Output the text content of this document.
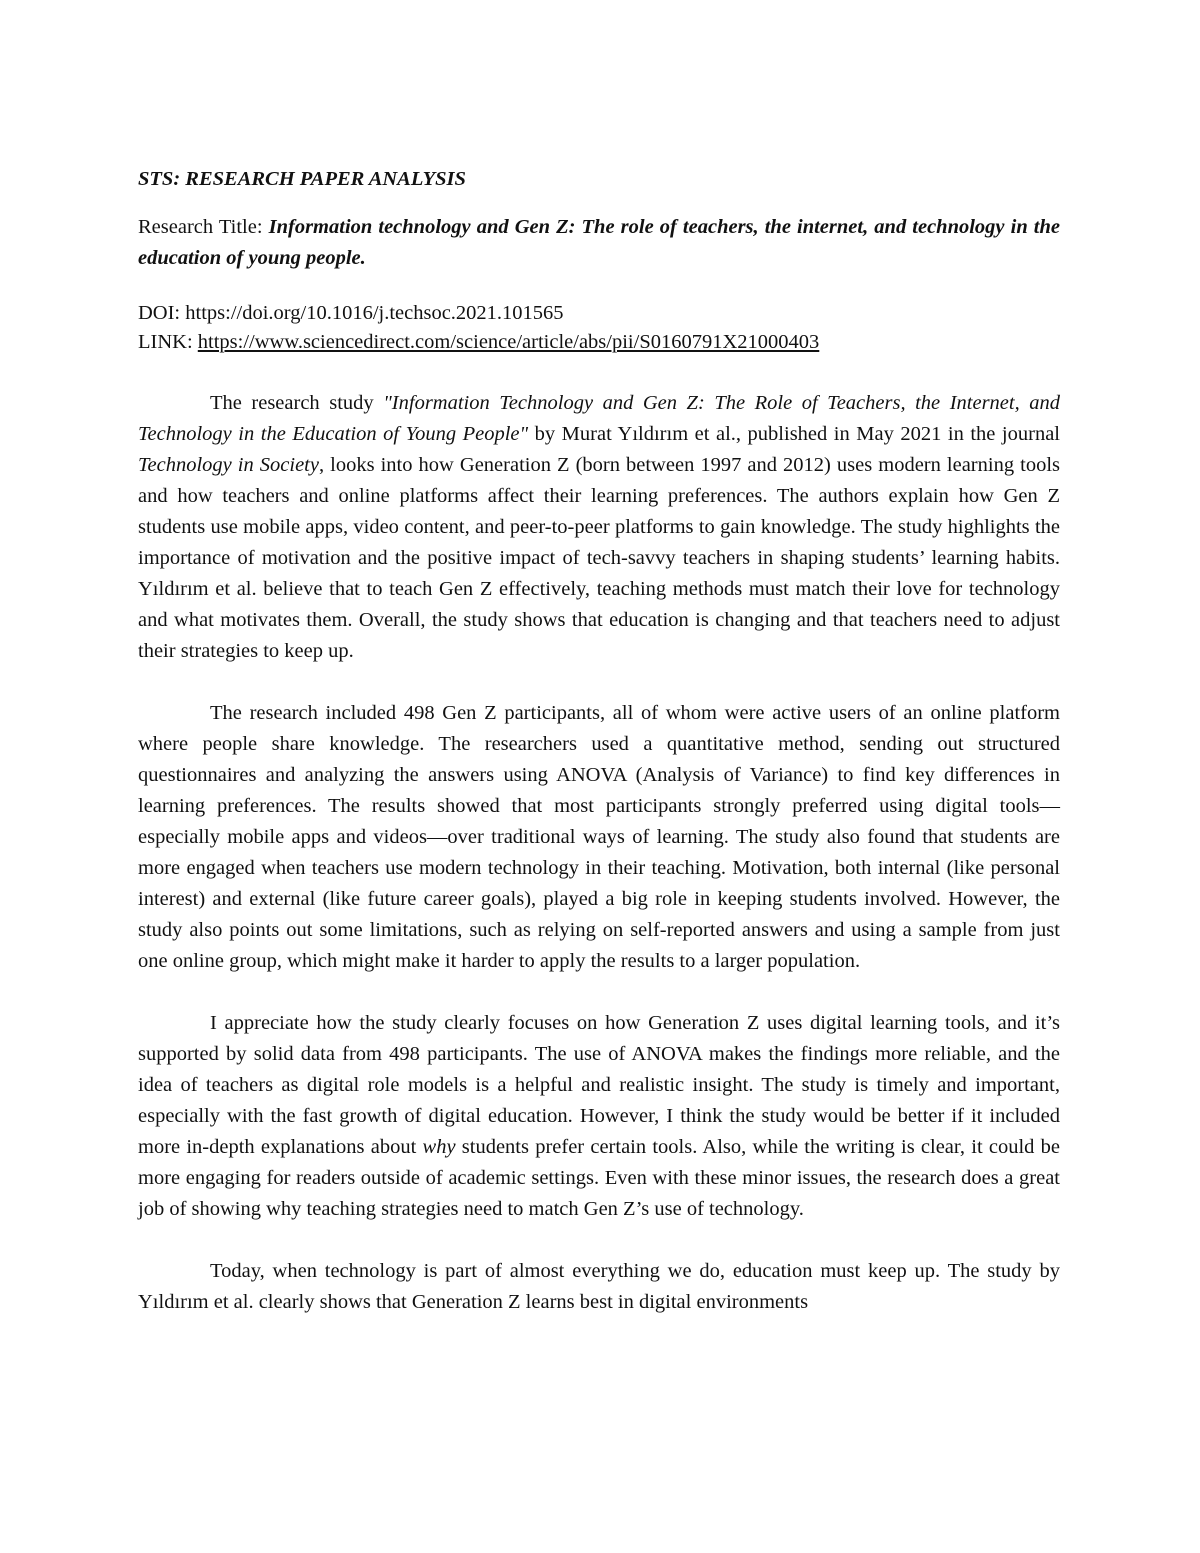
STS: RESEARCH PAPER ANALYSIS

Research Title: Information technology and Gen Z: The role of teachers, the internet, and technology in the education of young people.

DOI: https://doi.org/10.1016/j.techsoc.2021.101565
LINK: https://www.sciencedirect.com/science/article/abs/pii/S0160791X21000403

The research study "Information Technology and Gen Z: The Role of Teachers, the Internet, and Technology in the Education of Young People" by Murat Yıldırım et al., published in May 2021 in the journal Technology in Society, looks into how Generation Z (born between 1997 and 2012) uses modern learning tools and how teachers and online platforms affect their learning preferences. The authors explain how Gen Z students use mobile apps, video content, and peer-to-peer platforms to gain knowledge. The study highlights the importance of motivation and the positive impact of tech-savvy teachers in shaping students’ learning habits. Yıldırım et al. believe that to teach Gen Z effectively, teaching methods must match their love for technology and what motivates them. Overall, the study shows that education is changing and that teachers need to adjust their strategies to keep up.

The research included 498 Gen Z participants, all of whom were active users of an online platform where people share knowledge. The researchers used a quantitative method, sending out structured questionnaires and analyzing the answers using ANOVA (Analysis of Variance) to find key differences in learning preferences. The results showed that most participants strongly preferred using digital tools—especially mobile apps and videos—over traditional ways of learning. The study also found that students are more engaged when teachers use modern technology in their teaching. Motivation, both internal (like personal interest) and external (like future career goals), played a big role in keeping students involved. However, the study also points out some limitations, such as relying on self-reported answers and using a sample from just one online group, which might make it harder to apply the results to a larger population.

I appreciate how the study clearly focuses on how Generation Z uses digital learning tools, and it’s supported by solid data from 498 participants. The use of ANOVA makes the findings more reliable, and the idea of teachers as digital role models is a helpful and realistic insight. The study is timely and important, especially with the fast growth of digital education. However, I think the study would be better if it included more in-depth explanations about why students prefer certain tools. Also, while the writing is clear, it could be more engaging for readers outside of academic settings. Even with these minor issues, the research does a great job of showing why teaching strategies need to match Gen Z’s use of technology.

Today, when technology is part of almost everything we do, education must keep up. The study by Yıldırım et al. clearly shows that Generation Z learns best in digital environments
